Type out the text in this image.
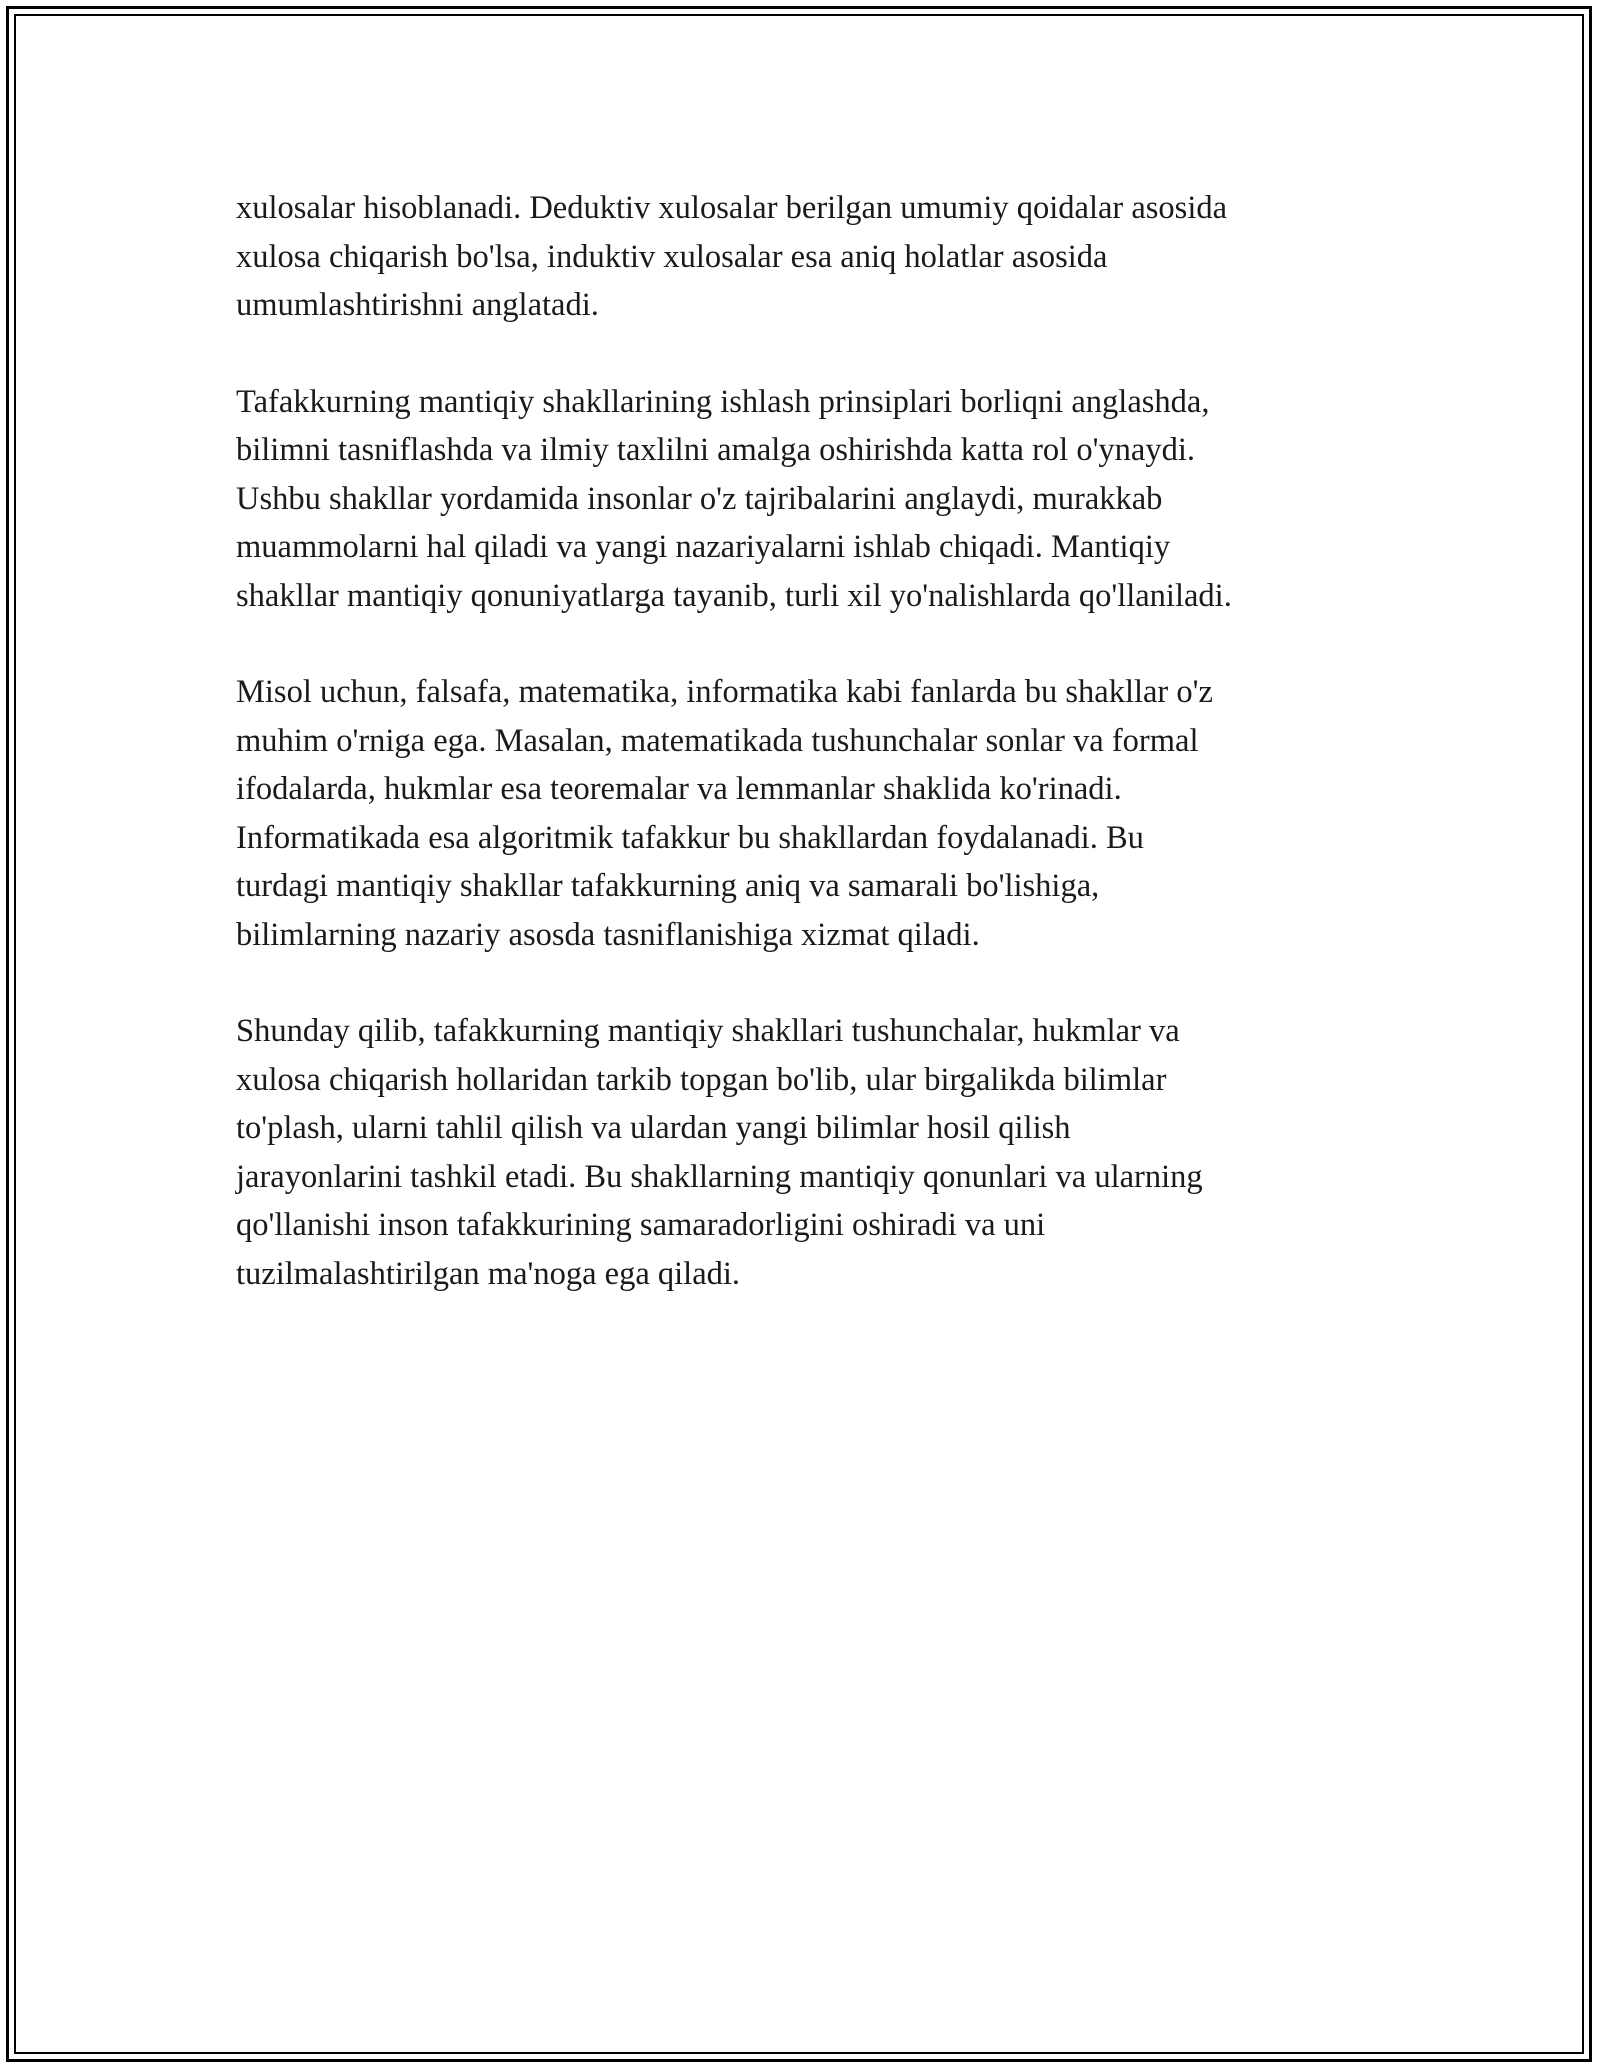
xulosalar hisoblanadi. Deduktiv xulosalar berilgan umumiy qoidalar asosida
xulosa chiqarish bo'lsa, induktiv xulosalar esa aniq holatlar asosida
umumlashtirishni anglatadi.

Tafakkurning mantiqiy shakllarining ishlash prinsiplari borliqni anglashda,
bilimni tasniflashda va ilmiy taxlilni amalga oshirishda katta rol o'ynaydi.
Ushbu shakllar yordamida insonlar o'z tajribalarini anglaydi, murakkab
muammolarni hal qiladi va yangi nazariyalarni ishlab chiqadi. Mantiqiy
shakllar mantiqiy qonuniyatlarga tayanib, turli xil yo'nalishlarda qo'llaniladi.

Misol uchun, falsafa, matematika, informatika kabi fanlarda bu shakllar o'z
muhim o'rniga ega. Masalan, matematikada tushunchalar sonlar va formal
ifodalarda, hukmlar esa teoremalar va lemmanlar shaklida ko'rinadi.
Informatikada esa algoritmik tafakkur bu shakllardan foydalanadi. Bu
turdagi mantiqiy shakllar tafakkurning aniq va samarali bo'lishiga,
bilimlarning nazariy asosda tasniflanishiga xizmat qiladi.

Shunday qilib, tafakkurning mantiqiy shakllari tushunchalar, hukmlar va
xulosa chiqarish hollaridan tarkib topgan bo'lib, ular birgalikda bilimlar
to'plash, ularni tahlil qilish va ulardan yangi bilimlar hosil qilish
jarayonlarini tashkil etadi. Bu shakllarning mantiqiy qonunlari va ularning
qo'llanishi inson tafakkurining samaradorligini oshiradi va uni
tuzilmalashtirilgan ma'noga ega qiladi.
